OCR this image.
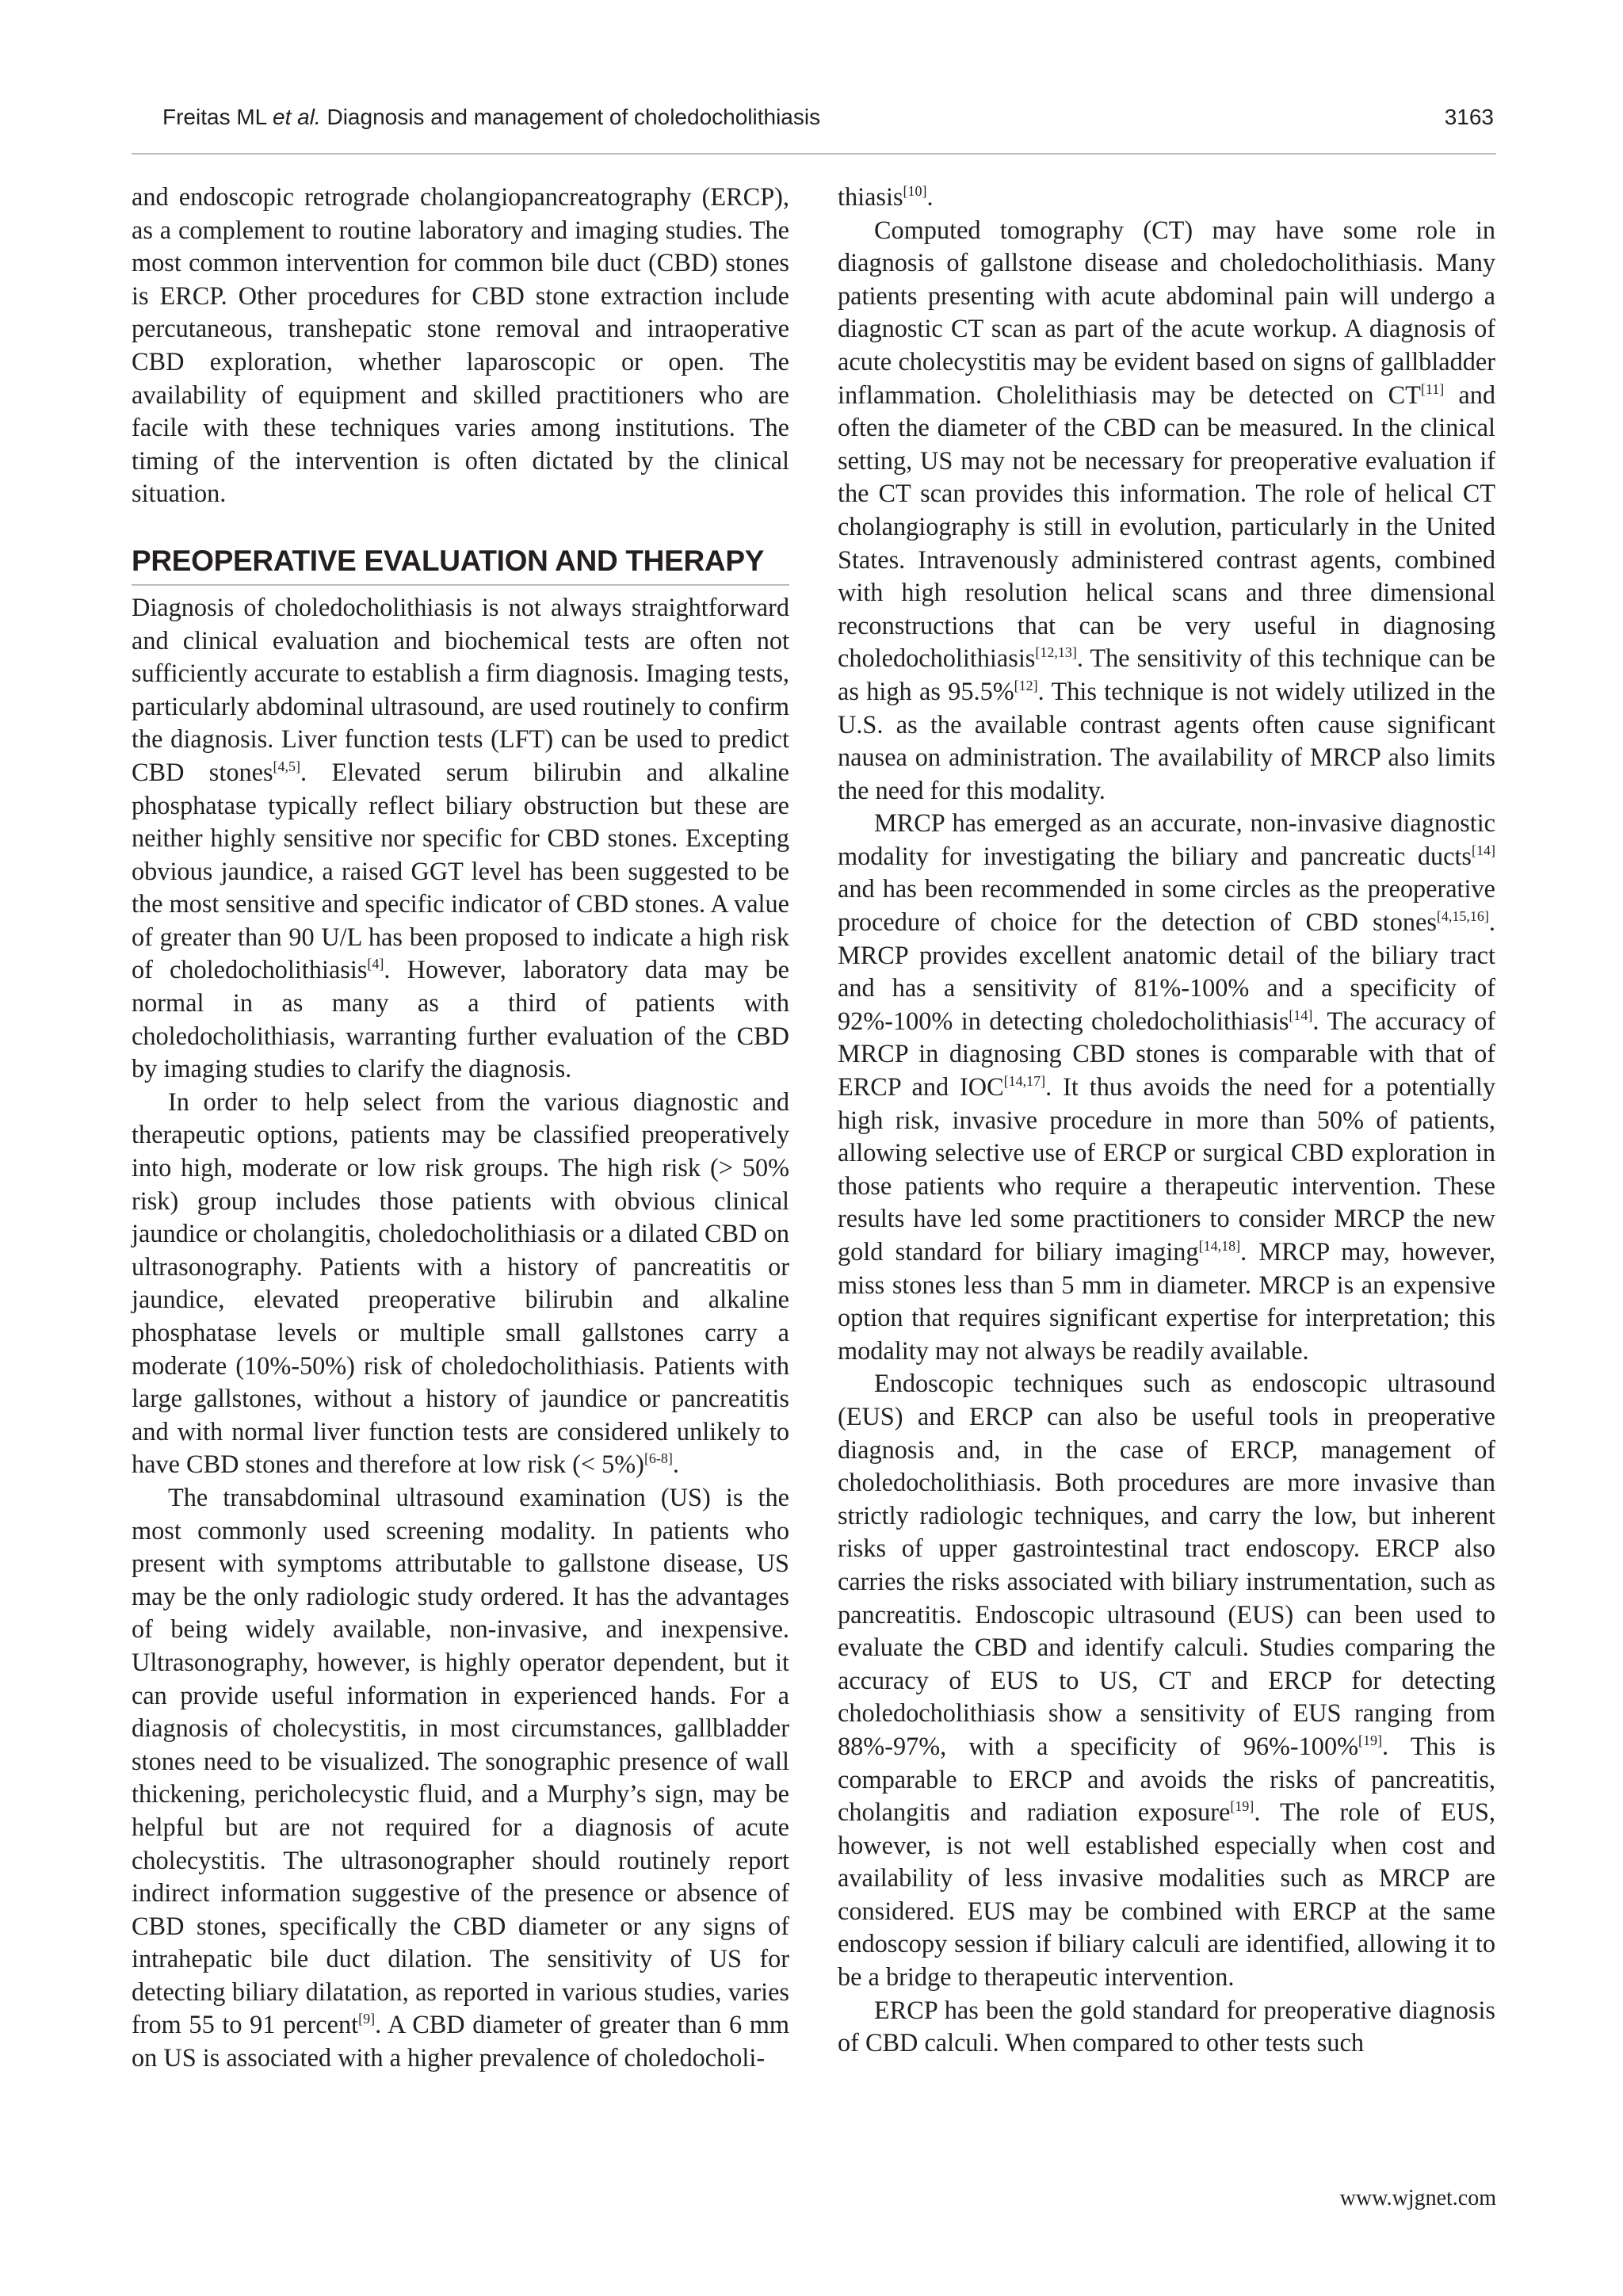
Freitas ML et al. Diagnosis and management of choledocholithiasis	3163

and endoscopic retrograde cholangiopancreatography (ERCP), as a complement to routine laboratory and imaging studies. The most common intervention for common bile duct (CBD) stones is ERCP. Other procedures for CBD stone extraction include percutaneous, transhepatic stone removal and intraoperative CBD exploration, whether laparoscopic or open. The availability of equipment and skilled practitioners who are facile with these techniques varies among institutions. The timing of the intervention is often dictated by the clinical situation.

PREOPERATIVE EVALUATION AND THERAPY

Diagnosis of choledocholithiasis is not always straightforward and clinical evaluation and biochemical tests are often not sufficiently accurate to establish a firm diagnosis. Imaging tests, particularly abdominal ultrasound, are used routinely to confirm the diagnosis. Liver function tests (LFT) can be used to predict CBD stones[4,5]. Elevated serum bilirubin and alkaline phosphatase typically reflect biliary obstruction but these are neither highly sensitive nor specific for CBD stones. Excepting obvious jaundice, a raised GGT level has been suggested to be the most sensitive and specific indicator of CBD stones. A value of greater than 90 U/L has been proposed to indicate a high risk of choledocholithiasis[4]. However, laboratory data may be normal in as many as a third of patients with choledocholithiasis, warranting further evaluation of the CBD by imaging studies to clarify the diagnosis.

In order to help select from the various diagnostic and therapeutic options, patients may be classified preoperatively into high, moderate or low risk groups. The high risk (> 50% risk) group includes those patients with obvious clinical jaundice or cholangitis, choledocholithiasis or a dilated CBD on ultrasonography. Patients with a history of pancreatitis or jaundice, elevated preoperative bilirubin and alkaline phosphatase levels or multiple small gallstones carry a moderate (10%-50%) risk of choledocholithiasis. Patients with large gallstones, without a history of jaundice or pancreatitis and with normal liver function tests are considered unlikely to have CBD stones and therefore at low risk (< 5%)[6-8].

The transabdominal ultrasound examination (US) is the most commonly used screening modality. In patients who present with symptoms attributable to gallstone disease, US may be the only radiologic study ordered. It has the advantages of being widely available, non-invasive, and inexpensive. Ultrasonography, however, is highly operator dependent, but it can provide useful information in experienced hands. For a diagnosis of cholecystitis, in most circumstances, gallbladder stones need to be visualized. The sonographic presence of wall thickening, pericholecystic fluid, and a Murphy’s sign, may be helpful but are not required for a diagnosis of acute cholecystitis. The ultrasonographer should routinely report indirect information suggestive of the presence or absence of CBD stones, specifically the CBD diameter or any signs of intrahepatic bile duct dilation. The sensitivity of US for detecting biliary dilatation, as reported in various studies, varies from 55 to 91 percent[9]. A CBD diameter of greater than 6 mm on US is associated with a higher prevalence of choledocholi-

thiasis[10].

Computed tomography (CT) may have some role in diagnosis of gallstone disease and choledocholithiasis. Many patients presenting with acute abdominal pain will undergo a diagnostic CT scan as part of the acute workup. A diagnosis of acute cholecystitis may be evident based on signs of gallbladder inflammation. Cholelithiasis may be detected on CT[11] and often the diameter of the CBD can be measured. In the clinical setting, US may not be necessary for preoperative evaluation if the CT scan provides this information. The role of helical CT cholangiography is still in evolution, particularly in the United States. Intravenously administered contrast agents, combined with high resolution helical scans and three dimensional reconstructions that can be very useful in diagnosing choledocholithiasis[12,13]. The sensitivity of this technique can be as high as 95.5%[12]. This technique is not widely utilized in the U.S. as the available contrast agents often cause significant nausea on administration. The availability of MRCP also limits the need for this modality.

MRCP has emerged as an accurate, non-invasive diagnostic modality for investigating the biliary and pancreatic ducts[14] and has been recommended in some circles as the preoperative procedure of choice for the detection of CBD stones[4,15,16]. MRCP provides excellent anatomic detail of the biliary tract and has a sensitivity of 81%-100% and a specificity of 92%-100% in detecting choledocholithiasis[14]. The accuracy of MRCP in diagnosing CBD stones is comparable with that of ERCP and IOC[14,17]. It thus avoids the need for a potentially high risk, invasive procedure in more than 50% of patients, allowing selective use of ERCP or surgical CBD exploration in those patients who require a therapeutic intervention. These results have led some practitioners to consider MRCP the new gold standard for biliary imaging[14,18]. MRCP may, however, miss stones less than 5 mm in diameter. MRCP is an expensive option that requires significant expertise for interpretation; this modality may not always be readily available.

Endoscopic techniques such as endoscopic ultrasound (EUS) and ERCP can also be useful tools in preoperative diagnosis and, in the case of ERCP, management of choledocholithiasis. Both procedures are more invasive than strictly radiologic techniques, and carry the low, but inherent risks of upper gastrointestinal tract endoscopy. ERCP also carries the risks associated with biliary instrumentation, such as pancreatitis. Endoscopic ultrasound (EUS) can been used to evaluate the CBD and identify calculi. Studies comparing the accuracy of EUS to US, CT and ERCP for detecting choledocholithiasis show a sensitivity of EUS ranging from 88%-97%, with a specificity of 96%-100%[19]. This is comparable to ERCP and avoids the risks of pancreatitis, cholangitis and radiation exposure[19]. The role of EUS, however, is not well established especially when cost and availability of less invasive modalities such as MRCP are considered. EUS may be combined with ERCP at the same endoscopy session if biliary calculi are identified, allowing it to be a bridge to therapeutic intervention.

ERCP has been the gold standard for preoperative diagnosis of CBD calculi. When compared to other tests such

www.wjgnet.com
